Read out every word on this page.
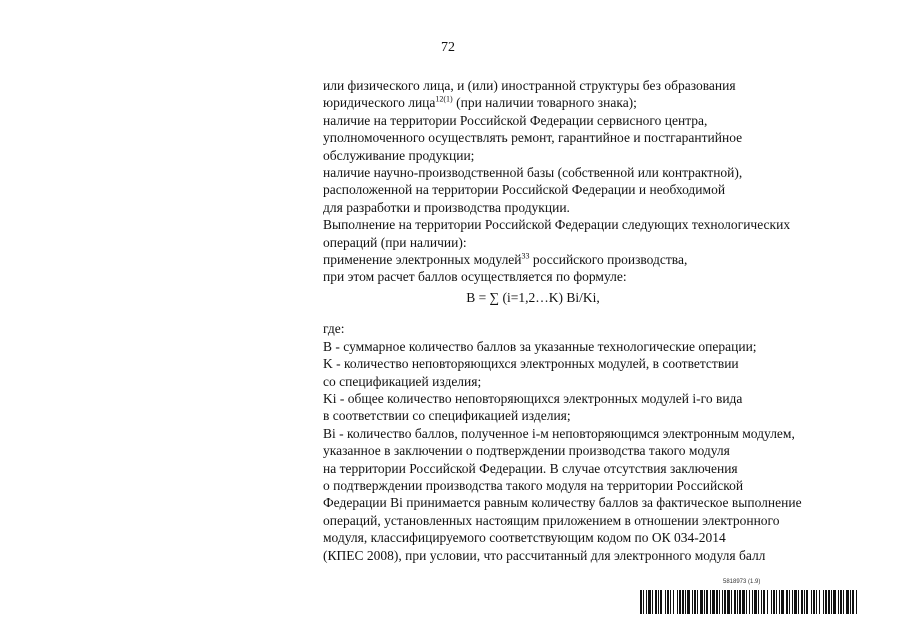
72
или физического лица, и (или) иностранной структуры без образования
юридического лица$^{12(1)}$ (при наличии товарного знака);
наличие на территории Российской Федерации сервисного центра,
уполномоченного осуществлять ремонт, гарантийное и постгарантийное
обслуживание продукции;
наличие научно-производственной базы (собственной или контрактной),
расположенной на территории Российской Федерации и необходимой
для разработки и производства продукции.
Выполнение на территории Российской Федерации следующих технологических
операций (при наличии):
применение электронных модулей$^{33}$ российского производства,
при этом расчет баллов осуществляется по формуле:
B = ∑ (i=1,2…K) Bi/Ki,
где:
B - суммарное количество баллов за указанные технологические операции;
K - количество неповторяющихся электронных модулей, в соответствии
со спецификацией изделия;
Ki - общее количество неповторяющихся электронных модулей i-го вида
в соответствии со спецификацией изделия;
Bi - количество баллов, полученное i-м неповторяющимся электронным модулем,
указанное в заключении о подтверждении производства такого модуля
на территории Российской Федерации. В случае отсутствия заключения
о подтверждении производства такого модуля на территории Российской
Федерации Bi принимается равным количеству баллов за фактическое выполнение
операций, установленных настоящим приложением в отношении электронного
модуля, классифицируемого соответствующим кодом по ОК 034-2014
(КПЕС 2008), при условии, что рассчитанный для электронного модуля балл
5818973 (1.9)
